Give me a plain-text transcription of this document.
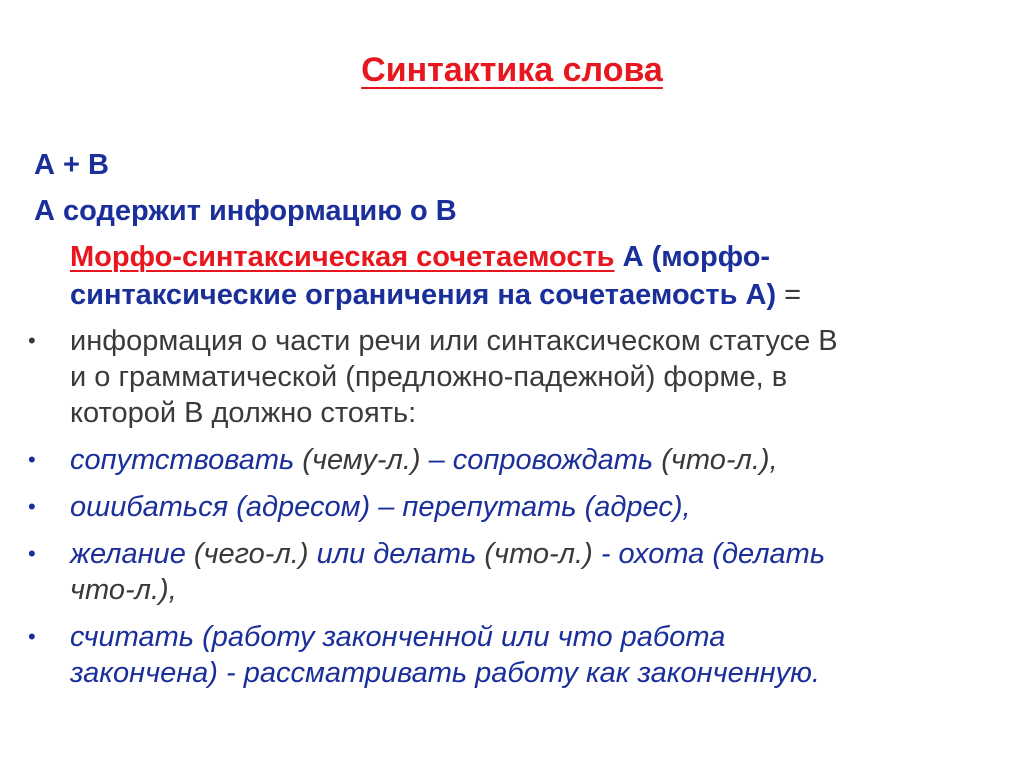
Синтактика слова
А + В
А содержит информацию о В
Морфо-синтаксическая сочетаемость А (морфо-
синтаксические ограничения на сочетаемость А) =
• информация о части речи или синтаксическом статусе В
и о грамматической (предложно-падежной) форме, в
которой В должно стоять:
• сопутствовать (чему-л.) – сопровождать (что-л.),
• ошибаться (адресом) – перепутать (адрес),
• желание (чего-л.) или делать (что-л.) - охота (делать
что-л.),
• считать (работу законченной или что работа
закончена) - рассматривать работу как законченную.
